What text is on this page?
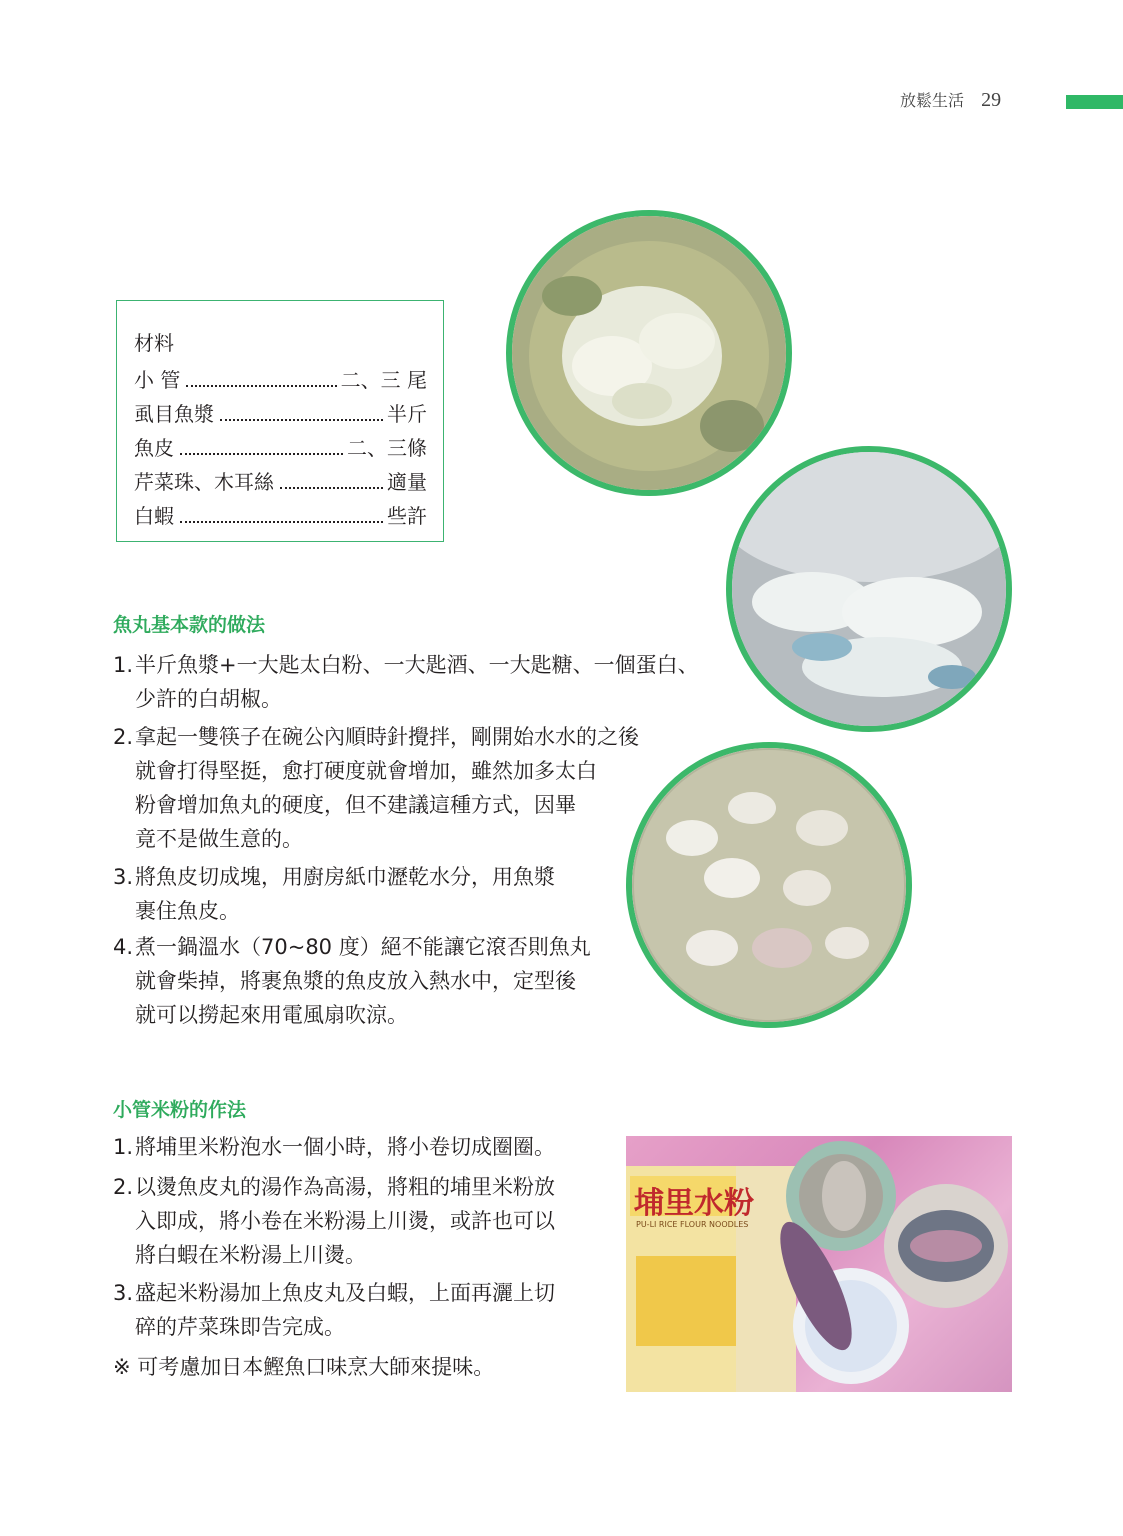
放鬆生活 29
材料
小 管	二、三 尾
虱目魚漿	半斤
魚皮	二、三條
芹菜珠、木耳絲	適量
白蝦	些許
魚丸基本款的做法
1.半斤魚漿+一大匙太白粉、一大匙酒、一大匙糖、一個蛋白、
少許的白胡椒。
2.拿起一雙筷子在碗公內順時針攪拌，剛開始水水的之後
就會打得堅挺，愈打硬度就會增加，雖然加多太白
粉會增加魚丸的硬度，但不建議這種方式，因畢
竟不是做生意的。
3.將魚皮切成塊，用廚房紙巾瀝乾水分，用魚漿
裹住魚皮。
4.煮一鍋溫水（70~80 度）絕不能讓它滾否則魚丸
就會柴掉，將裹魚漿的魚皮放入熱水中，定型後
就可以撈起來用電風扇吹涼。
小管米粉的作法
1.將埔里米粉泡水一個小時，將小卷切成圈圈。
2.以燙魚皮丸的湯作為高湯，將粗的埔里米粉放
入即成，將小卷在米粉湯上川燙，或許也可以
將白蝦在米粉湯上川燙。
3.盛起米粉湯加上魚皮丸及白蝦，上面再灑上切
碎的芹菜珠即告完成。
※ 可考慮加日本鰹魚口味烹大師來提味。
埔里水粉
PU-LI RICE FLOUR NOODLES
